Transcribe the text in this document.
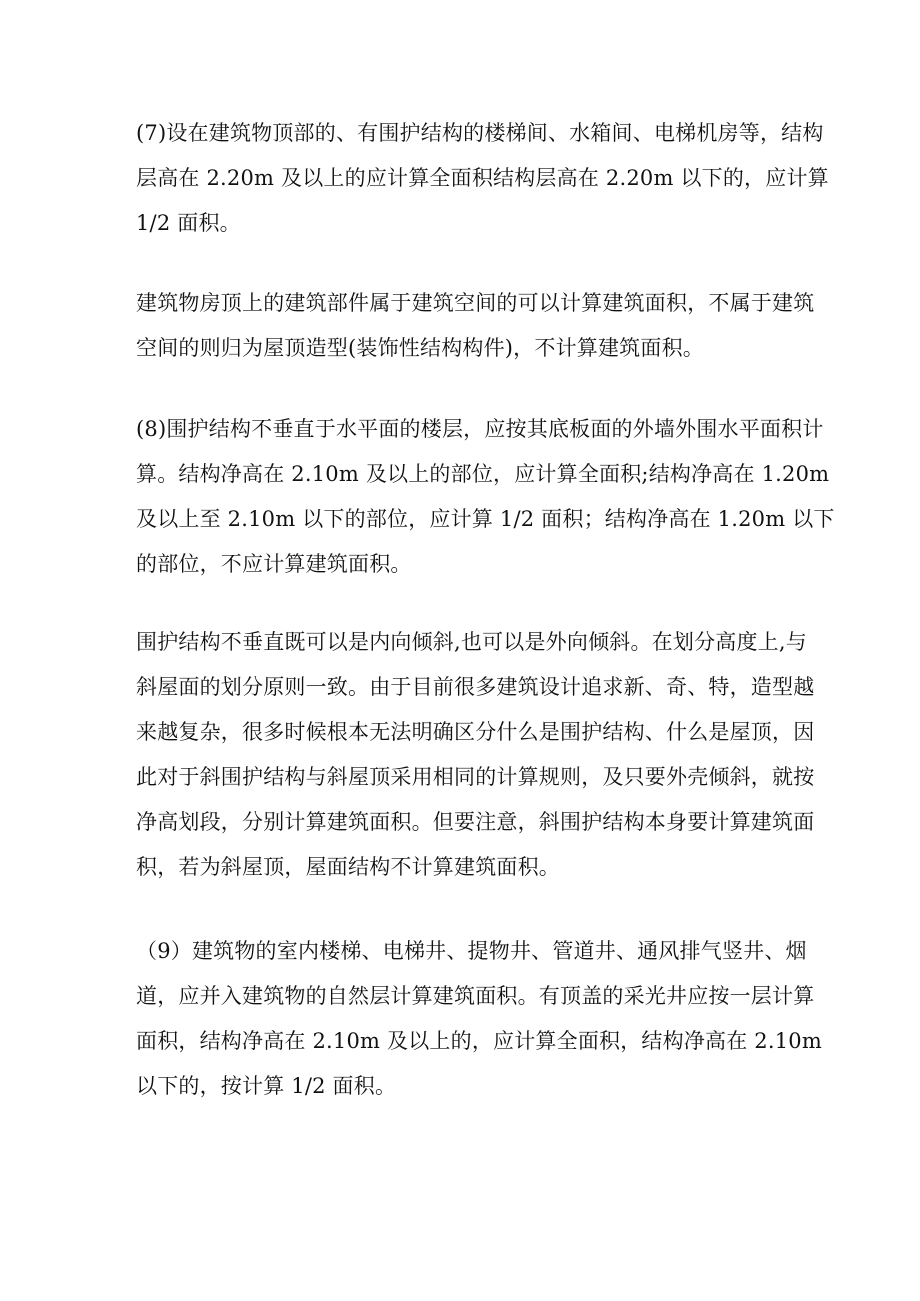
(7)设在建筑物顶部的、有围护结构的楼梯间、水箱间、电梯机房等，结构
层高在 2.20m 及以上的应计算全面积结构层高在 2.20m 以下的，应计算
1/2 面积。

建筑物房顶上的建筑部件属于建筑空间的可以计算建筑面积，不属于建筑
空间的则归为屋顶造型(装饰性结构构件)，不计算建筑面积。

(8)围护结构不垂直于水平面的楼层，应按其底板面的外墙外围水平面积计
算。结构净高在 2.10m 及以上的部位，应计算全面积;结构净高在 1.20m
及以上至 2.10m 以下的部位，应计算 1/2 面积；结构净高在 1.20m 以下
的部位，不应计算建筑面积。

围护结构不垂直既可以是内向倾斜,也可以是外向倾斜。在划分高度上,与
斜屋面的划分原则一致。由于目前很多建筑设计追求新、奇、特，造型越
来越复杂，很多时候根本无法明确区分什么是围护结构、什么是屋顶，因
此对于斜围护结构与斜屋顶采用相同的计算规则，及只要外壳倾斜，就按
净高划段，分别计算建筑面积。但要注意，斜围护结构本身要计算建筑面
积，若为斜屋顶，屋面结构不计算建筑面积。

（9）建筑物的室内楼梯、电梯井、提物井、管道井、通风排气竖井、烟
道，应并入建筑物的自然层计算建筑面积。有顶盖的采光井应按一层计算
面积，结构净高在 2.10m 及以上的，应计算全面积，结构净高在 2.10m
以下的，按计算 1/2 面积。
